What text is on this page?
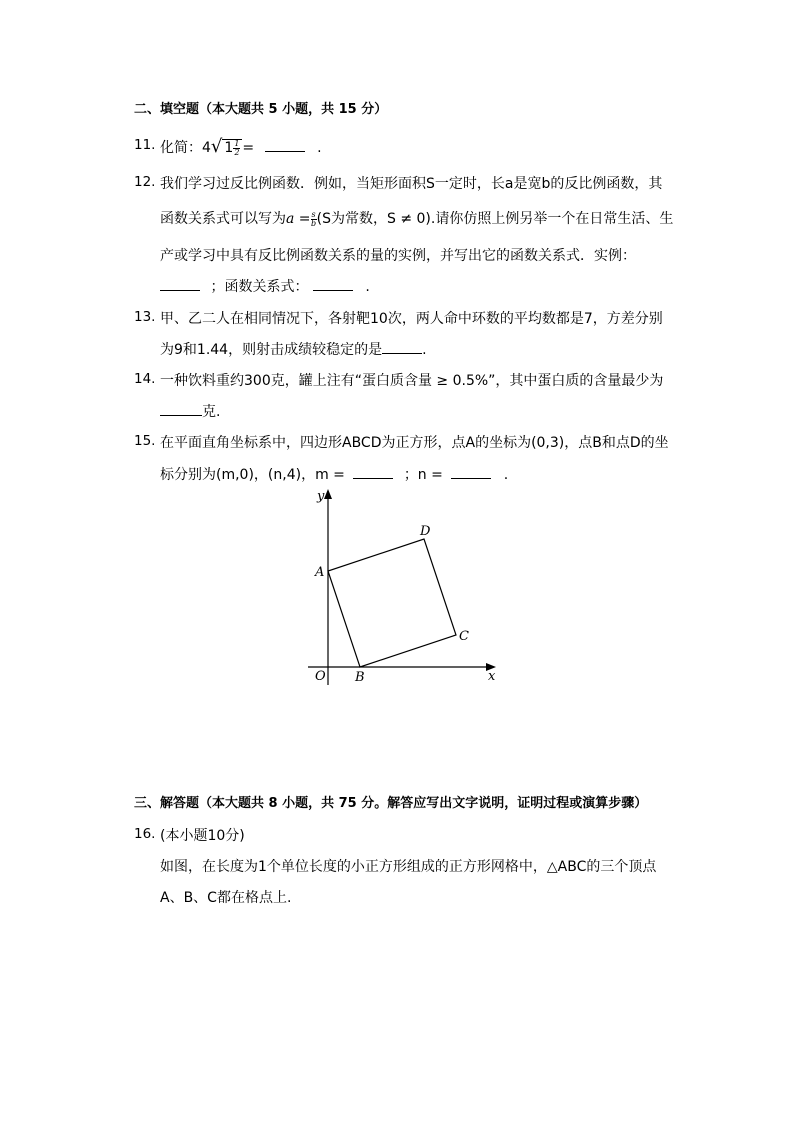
二、填空题（本大题共 5 小题，共 15 分）
11. 化简：4√ $1 \frac{1}{2}$ =	.
12. 我们学习过反比例函数．例如，当矩形面积S一定时，长a是宽b的反比例函数，其
函数关系式可以写为$a = \frac{s}{b} (S$为常数，S ≠ 0).请你仿照上例另举一个在日常生活、生
产或学习中具有反比例函数关系的量的实例，并写出它的函数关系式．实例：
；函数关系式：	.
13. 甲、乙二人在相同情况下，各射靶10次，两人命中环数的平均数都是7，方差分别
为9和1.44，则射击成绩较稳定的是	.
14. 一种饮料重约300克，罐上注有“蛋白质含量 ≥ 0.5%”，其中蛋白质的含量最少为
克.
15. 在平面直角坐标系中，四边形ABCD为正方形，点A的坐标为(0,3)，点B和点D的坐
标分别为(m,0)，(n,4)，m =	；n =	.
y
x
O
A
B
C
D
三、解答题（本大题共 8 小题，共 75 分。解答应写出文字说明，证明过程或演算步骤）
16. (本小题10分)
如图，在长度为1个单位长度的小正方形组成的正方形网格中，△ABC的三个顶点
A、B、C都在格点上.
